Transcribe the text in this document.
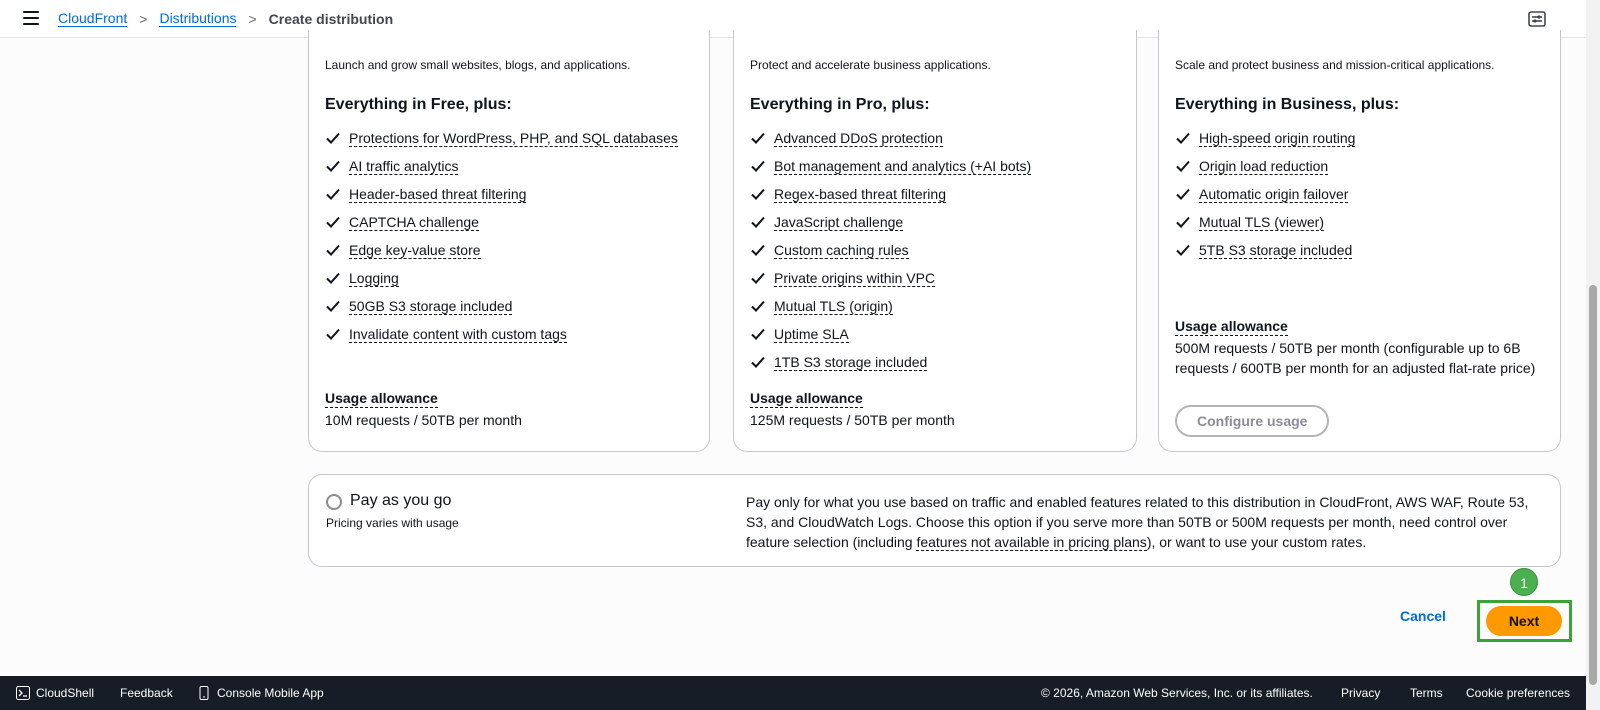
CloudFront > Distributions > Create distribution
Launch and grow small websites, blogs, and applications.
Everything in Free, plus:
Protections for WordPress, PHP, and SQL databases
AI traffic analytics
Header-based threat filtering
CAPTCHA challenge
Edge key-value store
Logging
50GB S3 storage included
Invalidate content with custom tags
Usage allowance
10M requests / 50TB per month
Protect and accelerate business applications.
Everything in Pro, plus:
Advanced DDoS protection
Bot management and analytics (+AI bots)
Regex-based threat filtering
JavaScript challenge
Custom caching rules
Private origins within VPC
Mutual TLS (origin)
Uptime SLA
1TB S3 storage included
Usage allowance
125M requests / 50TB per month
Scale and protect business and mission-critical applications.
Everything in Business, plus:
High-speed origin routing
Origin load reduction
Automatic origin failover
Mutual TLS (viewer)
5TB S3 storage included
Usage allowance
500M requests / 50TB per month (configurable up to 6B requests / 600TB per month for an adjusted flat-rate price)
Configure usage
Pay as you go
Pricing varies with usage
Pay only for what you use based on traffic and enabled features related to this distribution in CloudFront, AWS WAF, Route 53, S3, and CloudWatch Logs. Choose this option if you serve more than 50TB or 500M requests per month, need control over feature selection (including features not available in pricing plans), or want to use your custom rates.
Cancel
1
Next
CloudShell Feedback	Console Mobile App	© 2026, Amazon Web Services, Inc. or its affiliates. Privacy Terms Cookie preferences
